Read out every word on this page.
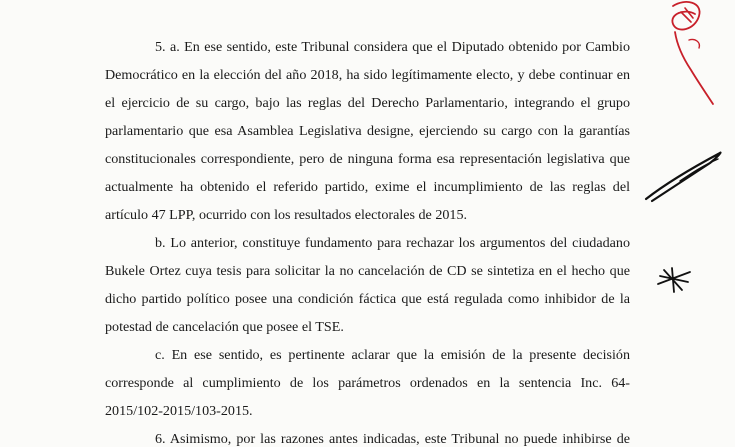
5. a. En ese sentido, este Tribunal considera que el Diputado obtenido por Cambio
Democrático en la elección del año 2018, ha sido legítimamente electo, y debe continuar en
el ejercicio de su cargo, bajo las reglas del Derecho Parlamentario, integrando el grupo
parlamentario que esa Asamblea Legislativa designe, ejerciendo su cargo con la garantías
constitucionales correspondiente, pero de ninguna forma esa representación legislativa que
actualmente ha obtenido el referido partido, exime el incumplimiento de las reglas del
artículo 47 LPP, ocurrido con los resultados electorales de 2015.
b. Lo anterior, constituye fundamento para rechazar los argumentos del ciudadano
Bukele Ortez cuya tesis para solicitar la no cancelación de CD se sintetiza en el hecho que
dicho partido político posee una condición fáctica que está regulada como inhibidor de la
potestad de cancelación que posee el TSE.
c. En ese sentido, es pertinente aclarar que la emisión de la presente decisión
corresponde al cumplimiento de los parámetros ordenados en la sentencia Inc. 64-
2015/102-2015/103-2015.
6. Asimismo, por las razones antes indicadas, este Tribunal no puede inhibirse de
